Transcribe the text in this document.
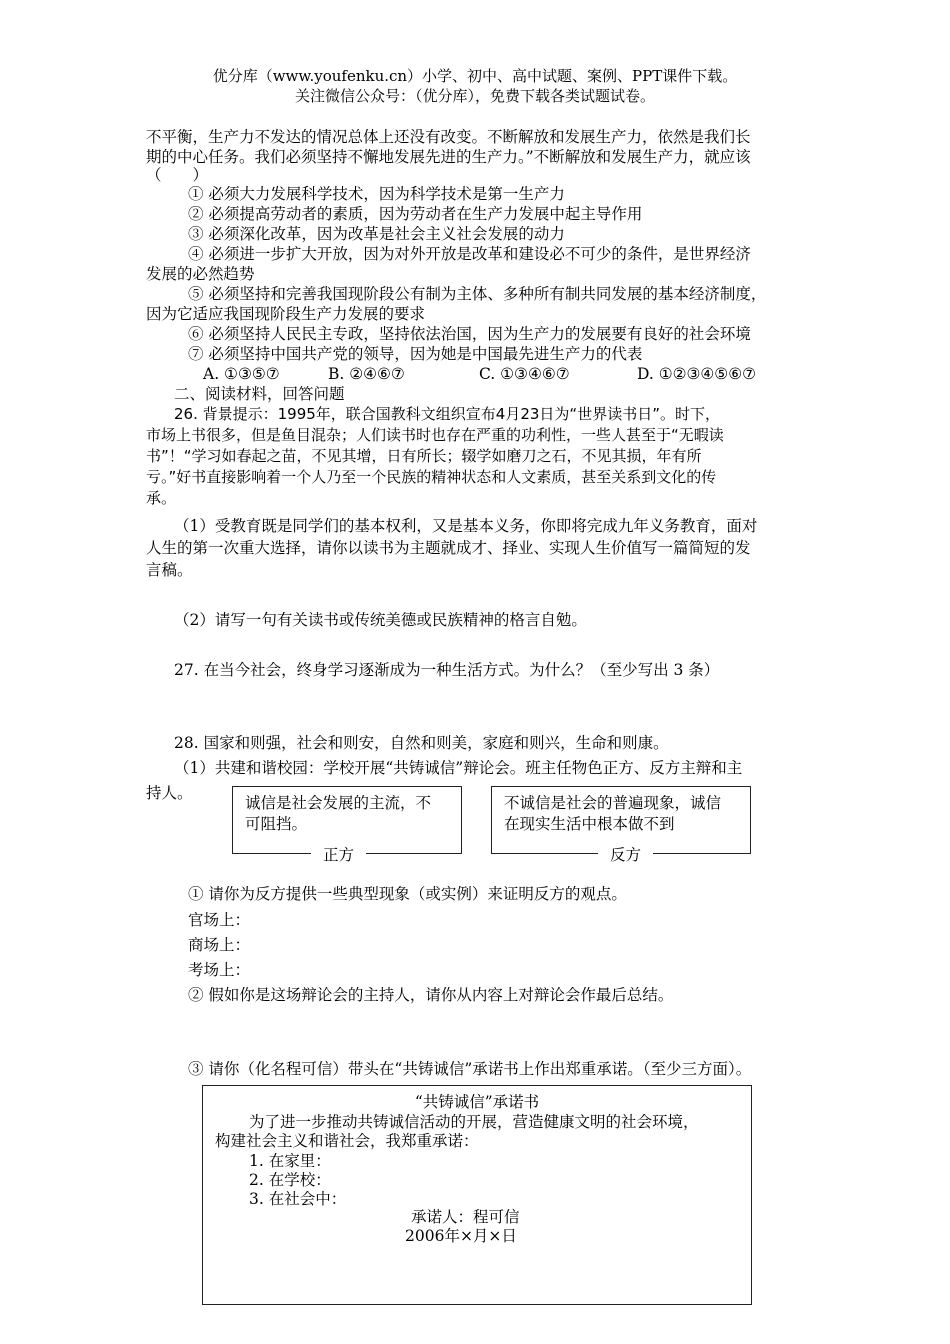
优分库（www.youfenku.cn）小学、初中、高中试题、案例、PPT课件下载。
关注微信公众号：（优分库），免费下载各类试题试卷。
不平衡，生产力不发达的情况总体上还没有改变。不断解放和发展生产力，依然是我们长
期的中心任务。我们必须坚持不懈地发展先进的生产力。”不断解放和发展生产力，就应该
（　　）
① 必须大力发展科学技术，因为科学技术是第一生产力
② 必须提高劳动者的素质，因为劳动者在生产力发展中起主导作用
③ 必须深化改革，因为改革是社会主义社会发展的动力
④ 必须进一步扩大开放，因为对外开放是改革和建设必不可少的条件，是世界经济
发展的必然趋势
⑤ 必须坚持和完善我国现阶段公有制为主体、多种所有制共同发展的基本经济制度，
因为它适应我国现阶段生产力发展的要求
⑥ 必须坚持人民民主专政，坚持依法治国，因为生产力的发展要有良好的社会环境
⑦ 必须坚持中国共产党的领导，因为她是中国最先进生产力的代表
A. ①③⑤⑦	B. ②④⑥⑦	C. ①③④⑥⑦	D. ①②③④⑤⑥⑦
二、阅读材料，回答问题
26. 背景提示：1995年，联合国教科文组织宣布4月23日为“世界读书日”。时下，
市场上书很多，但是鱼目混杂；人们读书时也存在严重的功利性，一些人甚至于“无暇读
书”！“学习如春起之苗，不见其增，日有所长；辍学如磨刀之石，不见其损，年有所
亏。”好书直接影响着一个人乃至一个民族的精神状态和人文素质，甚至关系到文化的传
承。
（1）受教育既是同学们的基本权利，又是基本义务，你即将完成九年义务教育，面对
人生的第一次重大选择，请你以读书为主题就成才、择业、实现人生价值写一篇简短的发
言稿。
（2）请写一句有关读书或传统美德或民族精神的格言自勉。
27. 在当今社会，终身学习逐渐成为一种生活方式。为什么？（至少写出 3 条）
28. 国家和则强，社会和则安，自然和则美，家庭和则兴，生命和则康。
（1）共建和谐校园：学校开展“共铸诚信”辩论会。班主任物色正方、反方主辩和主
持人。
诚信是社会发展的主流，不
可阻挡。
正方
不诚信是社会的普遍现象，诚信
在现实生活中根本做不到
反方
① 请你为反方提供一些典型现象（或实例）来证明反方的观点。
官场上：
商场上：
考场上：
② 假如你是这场辩论会的主持人，请你从内容上对辩论会作最后总结。
③ 请你（化名程可信）带头在“共铸诚信”承诺书上作出郑重承诺。（至少三方面）。
“共铸诚信”承诺书
为了进一步推动共铸诚信活动的开展，营造健康文明的社会环境，
构建社会主义和谐社会，我郑重承诺：
1. 在家里：
2. 在学校：
3. 在社会中：
承诺人：程可信
2006年×月×日
